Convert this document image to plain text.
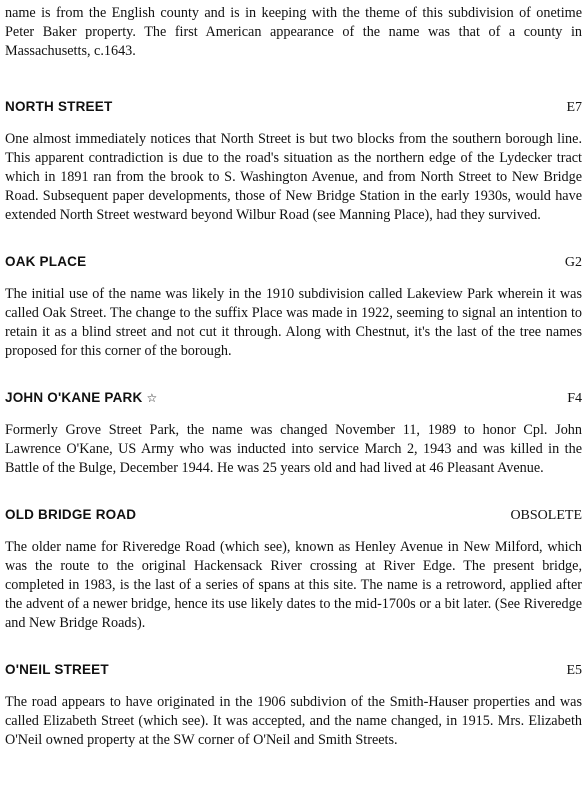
name is from the English county and is in keeping with the theme of this subdivision of onetime Peter Baker property. The first American appearance of the name was that of a county in Massachusetts, c.1643.

NORTH STREET	E7

One almost immediately notices that North Street is but two blocks from the southern borough line. This apparent contradiction is due to the road's situation as the northern edge of the Lydecker tract which in 1891 ran from the brook to S. Washington Avenue, and from North Street to New Bridge Road. Subsequent paper developments, those of New Bridge Station in the early 1930s, would have extended North Street westward beyond Wilbur Road (see Manning Place), had they survived.

OAK PLACE	G2

The initial use of the name was likely in the 1910 subdivision called Lakeview Park wherein it was called Oak Street. The change to the suffix Place was made in 1922, seeming to signal an intention to retain it as a blind street and not cut it through. Along with Chestnut, it's the last of the tree names proposed for this corner of the borough.

JOHN O'KANE PARK ☆	F4

Formerly Grove Street Park, the name was changed November 11, 1989 to honor Cpl. John Lawrence O'Kane, US Army who was inducted into service March 2, 1943 and was killed in the Battle of the Bulge, December 1944. He was 25 years old and had lived at 46 Pleasant Avenue.

OLD BRIDGE ROAD	OBSOLETE

The older name for Riveredge Road (which see), known as Henley Avenue in New Milford, which was the route to the original Hackensack River crossing at River Edge. The present bridge, completed in 1983, is the last of a series of spans at this site. The name is a retroword, applied after the advent of a newer bridge, hence its use likely dates to the mid-1700s or a bit later. (See Riveredge and New Bridge Roads).

O'NEIL STREET	E5

The road appears to have originated in the 1906 subdivion of the Smith-Hauser properties and was called Elizabeth Street (which see). It was accepted, and the name changed, in 1915. Mrs. Elizabeth O'Neil owned property at the SW corner of O'Neil and Smith Streets.
